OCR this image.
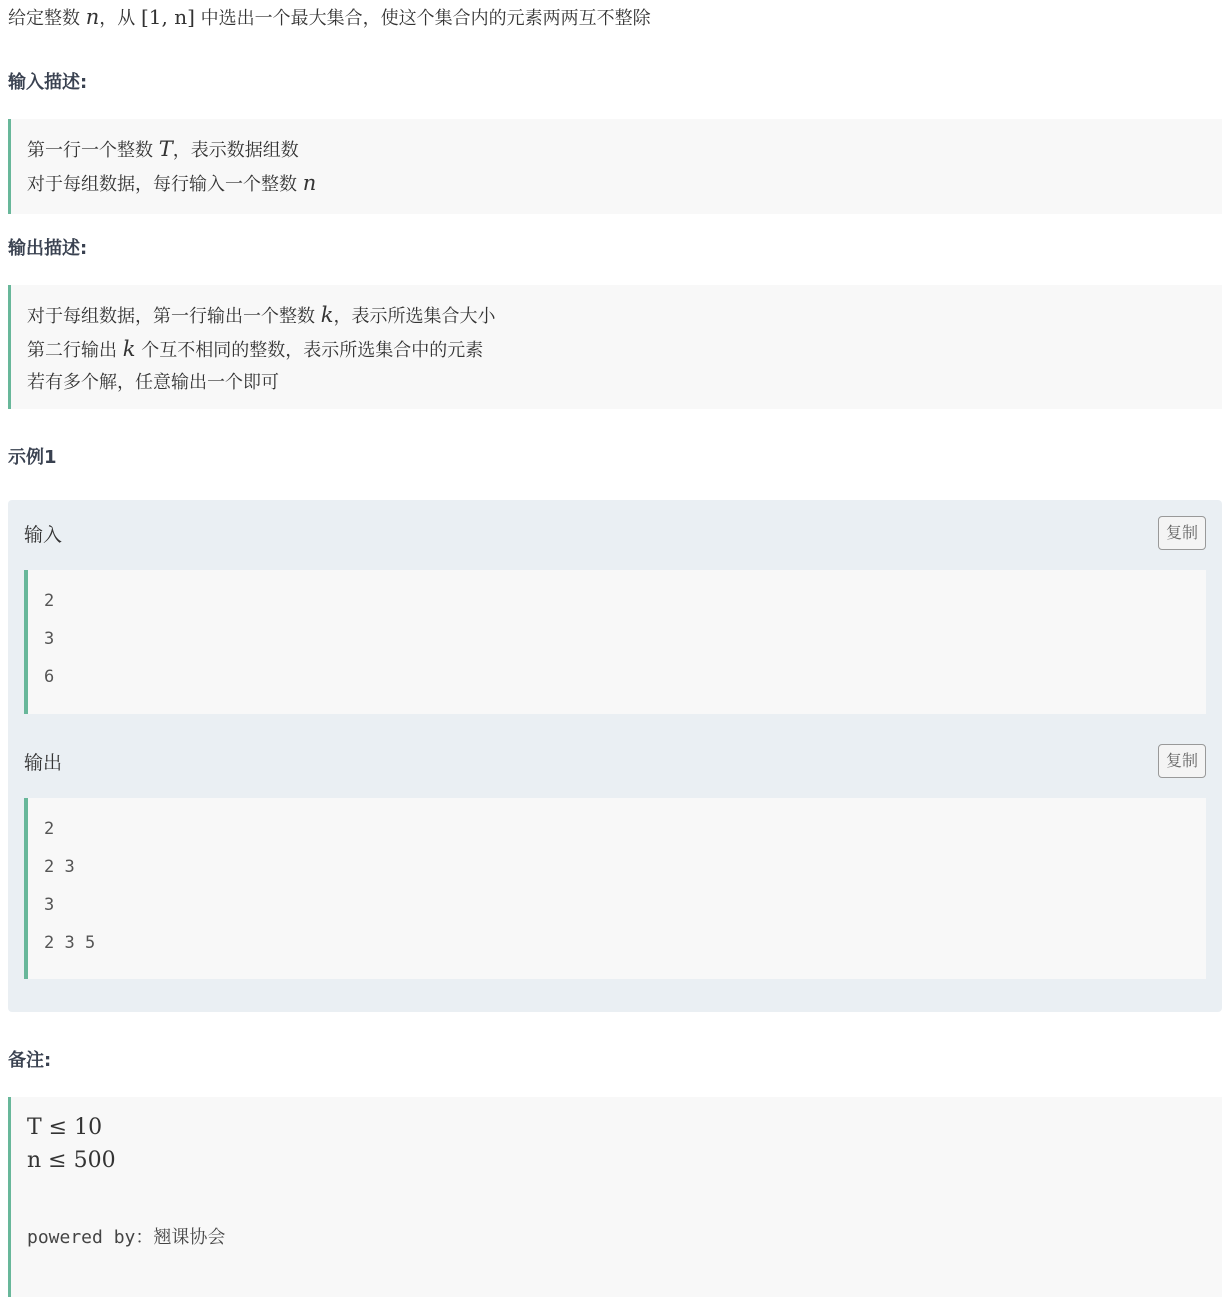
给定整数 n，从 [1, n] 中选出一个最大集合，使这个集合内的元素两两互不整除
输入描述:
第一行一个整数 T，表示数据组数
对于每组数据，每行输入一个整数 n
输出描述:
对于每组数据，第一行输出一个整数 k，表示所选集合大小
第二行输出 k 个互不相同的整数，表示所选集合中的元素
若有多个解，任意输出一个即可
示例1
输入	复制
2
3
6
输出	复制
2
2 3
3
2 3 5
备注:
T ≤ 10
n ≤ 500
powered by：翘课协会
